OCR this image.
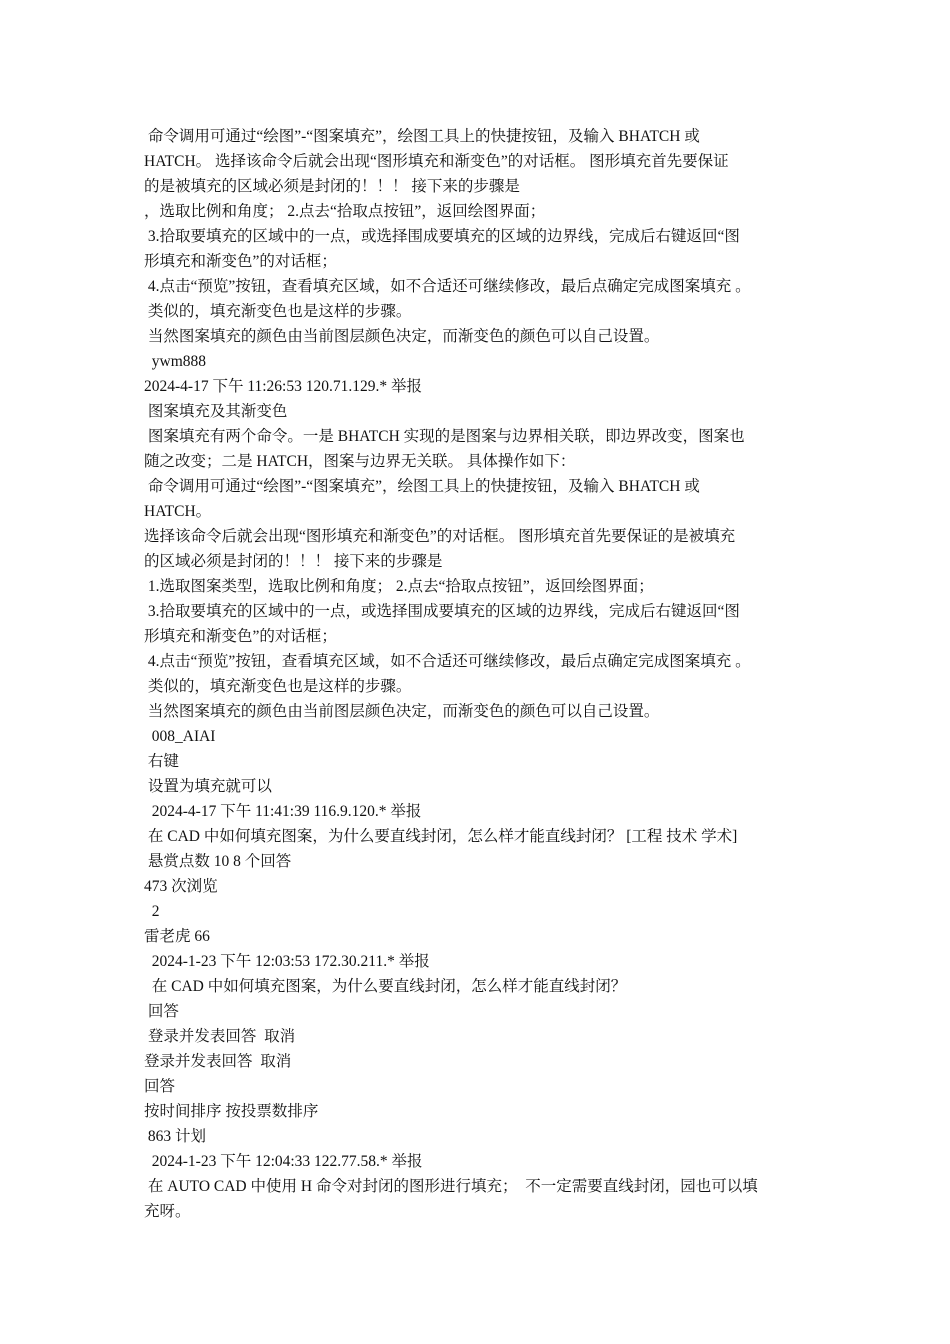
命令调用可通过“绘图”-“图案填充”，绘图工具上的快捷按钮，及输入 BHATCH 或
HATCH。 选择该命令后就会出现“图形填充和渐变色”的对话框。 图形填充首先要保证
的是被填充的区域必须是封闭的！！！ 接下来的步骤是
，选取比例和角度； 2.点去“拾取点按钮”，返回绘图界面；
3.拾取要填充的区域中的一点，或选择围成要填充的区域的边界线，完成后右键返回“图
形填充和渐变色”的对话框；
4.点击“预览”按钮，查看填充区域，如不合适还可继续修改，最后点确定完成图案填充 。
类似的，填充渐变色也是这样的步骤。
当然图案填充的颜色由当前图层颜色决定，而渐变色的颜色可以自己设置。
ywm888
2024-4-17 下午 11:26:53 120.71.129.* 举报
图案填充及其渐变色
图案填充有两个命令。一是 BHATCH 实现的是图案与边界相关联，即边界改变，图案也
随之改变；二是 HATCH，图案与边界无关联。 具体操作如下：
命令调用可通过“绘图”-“图案填充”，绘图工具上的快捷按钮，及输入 BHATCH 或
HATCH。
选择该命令后就会出现“图形填充和渐变色”的对话框。 图形填充首先要保证的是被填充
的区域必须是封闭的！！！ 接下来的步骤是
1.选取图案类型，选取比例和角度； 2.点去“拾取点按钮”，返回绘图界面；
3.拾取要填充的区域中的一点，或选择围成要填充的区域的边界线，完成后右键返回“图
形填充和渐变色”的对话框；
4.点击“预览”按钮，查看填充区域，如不合适还可继续修改，最后点确定完成图案填充 。
类似的，填充渐变色也是这样的步骤。
当然图案填充的颜色由当前图层颜色决定，而渐变色的颜色可以自己设置。
008_AIAI
右键
设置为填充就可以
2024-4-17 下午 11:41:39 116.9.120.* 举报
在 CAD 中如何填充图案，为什么要直线封闭，怎么样才能直线封闭？ [工程 技术 学术]
悬赏点数 10 8 个回答
473 次浏览
2
雷老虎 66
2024-1-23 下午 12:03:53 172.30.211.* 举报
在 CAD 中如何填充图案，为什么要直线封闭，怎么样才能直线封闭？
回答
登录并发表回答  取消
登录并发表回答  取消
回答
按时间排序 按投票数排序
863 计划
2024-1-23 下午 12:04:33 122.77.58.* 举报
在 AUTO CAD 中使用 H 命令对封闭的图形进行填充；  不一定需要直线封闭，园也可以填
充呀。
